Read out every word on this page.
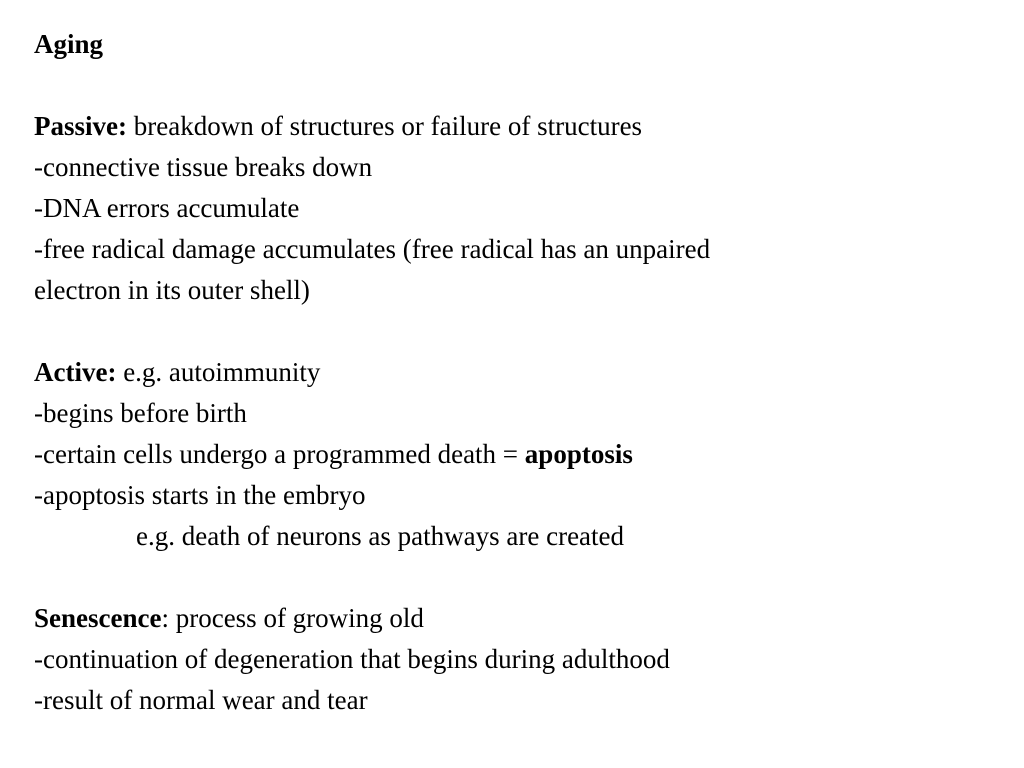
Aging
Passive: breakdown of structures or failure of structures
-connective tissue breaks down
-DNA errors accumulate
-free radical damage accumulates (free radical has an unpaired
electron in its outer shell)
Active: e.g. autoimmunity
-begins before birth
-certain cells undergo a programmed death = apoptosis
-apoptosis starts in the embryo
e.g. death of neurons as pathways are created
Senescence: process of growing old
-continuation of degeneration that begins during adulthood
-result of normal wear and tear
